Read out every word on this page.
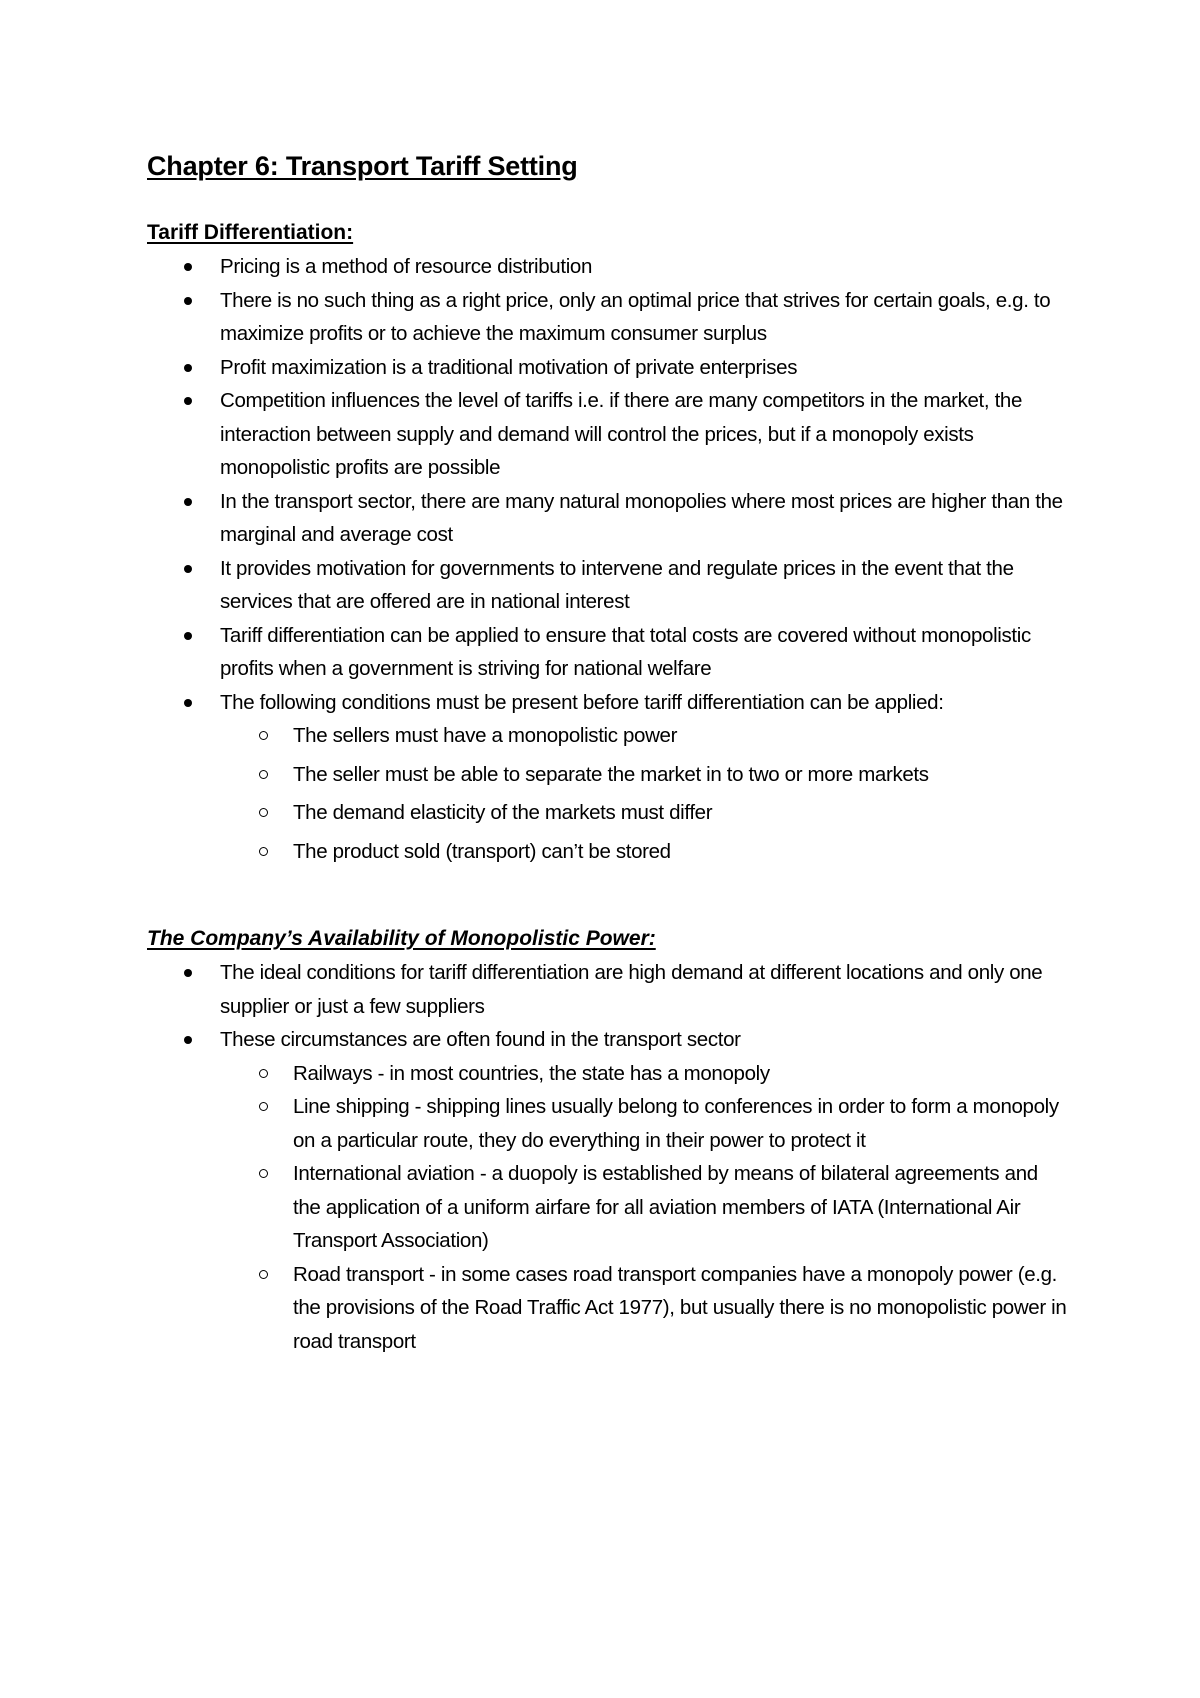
Chapter 6: Transport Tariff Setting
Tariff Differentiation:
Pricing is a method of resource distribution
There is no such thing as a right price, only an optimal price that strives for certain goals, e.g. to maximize profits or to achieve the maximum consumer surplus
Profit maximization is a traditional motivation of private enterprises
Competition influences the level of tariffs i.e. if there are many competitors in the market, the interaction between supply and demand will control the prices, but if a monopoly exists monopolistic profits are possible
In the transport sector, there are many natural monopolies where most prices are higher than the marginal and average cost
It provides motivation for governments to intervene and regulate prices in the event that the services that are offered are in national interest
Tariff differentiation can be applied to ensure that total costs are covered without monopolistic profits when a government is striving for national welfare
The following conditions must be present before tariff differentiation can be applied:
The sellers must have a monopolistic power
The seller must be able to separate the market in to two or more markets
The demand elasticity of the markets must differ
The product sold (transport) can’t be stored
The Company’s Availability of Monopolistic Power:
The ideal conditions for tariff differentiation are high demand at different locations and only one supplier or just a few suppliers
These circumstances are often found in the transport sector
Railways - in most countries, the state has a monopoly
Line shipping - shipping lines usually belong to conferences in order to form a monopoly on a particular route, they do everything in their power to protect it
International aviation - a duopoly is established by means of bilateral agreements and the application of a uniform airfare for all aviation members of IATA (International Air Transport Association)
Road transport - in some cases road transport companies have a monopoly power (e.g. the provisions of the Road Traffic Act 1977), but usually there is no monopolistic power in road transport
